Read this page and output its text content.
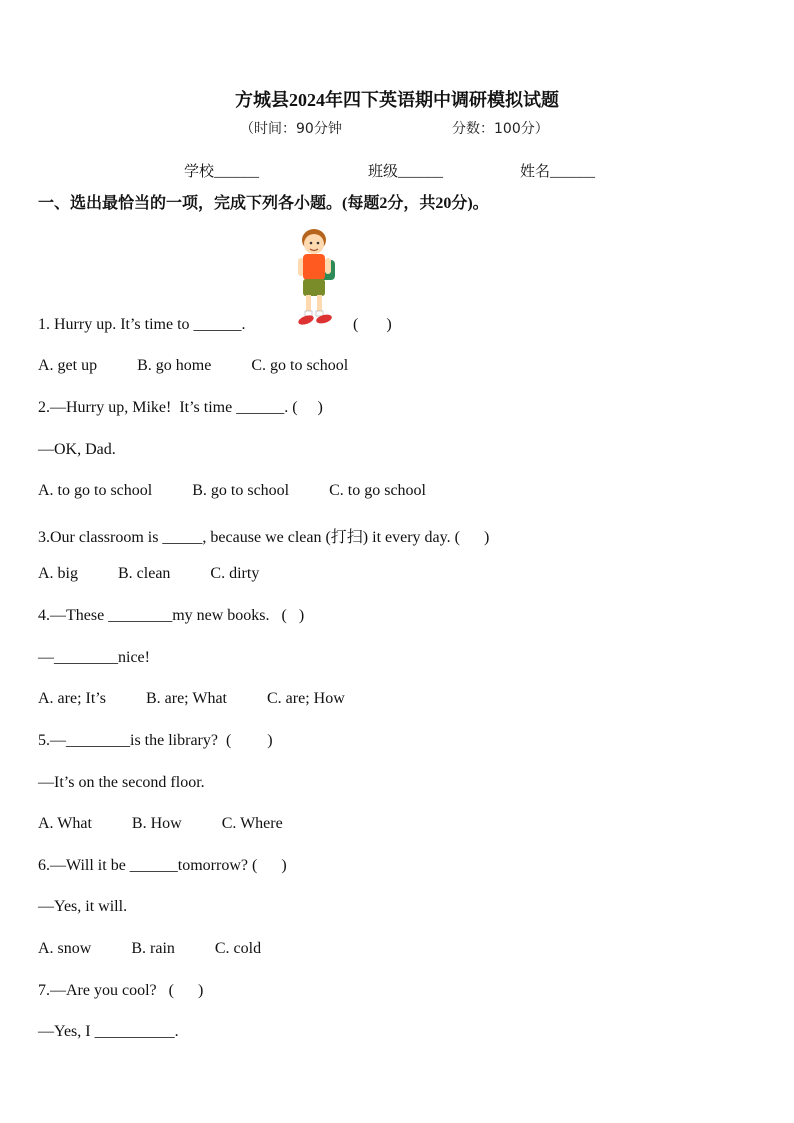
方城县2024年四下英语期中调研模拟试题
（时间：90分钟	分数：100分）
学校______	班级______	姓名______
一、选出最恰当的一项，完成下列各小题。(每题2分，共20分)。
1. Hurry up. It’s time to ______.	(       )
A. get up          B. go home          C. go to school
2.—Hurry up, Mike!  It’s time ______. (     )
—OK, Dad.
A. to go to school          B. go to school          C. to go school
3.Our classroom is _____, because we clean (打扫) it every day. (      )
A. big          B. clean          C. dirty
4.—These ________my new books.   (   )
—________nice!
A. are; It’s          B. are; What          C. are; How
5.—________is the library?  (         )
—It’s on the second floor.
A. What          B. How          C. Where
6.—Will it be ______tomorrow? (      )
—Yes, it will.
A. snow          B. rain          C. cold
7.—Are you cool?   (      )
—Yes, I __________.
